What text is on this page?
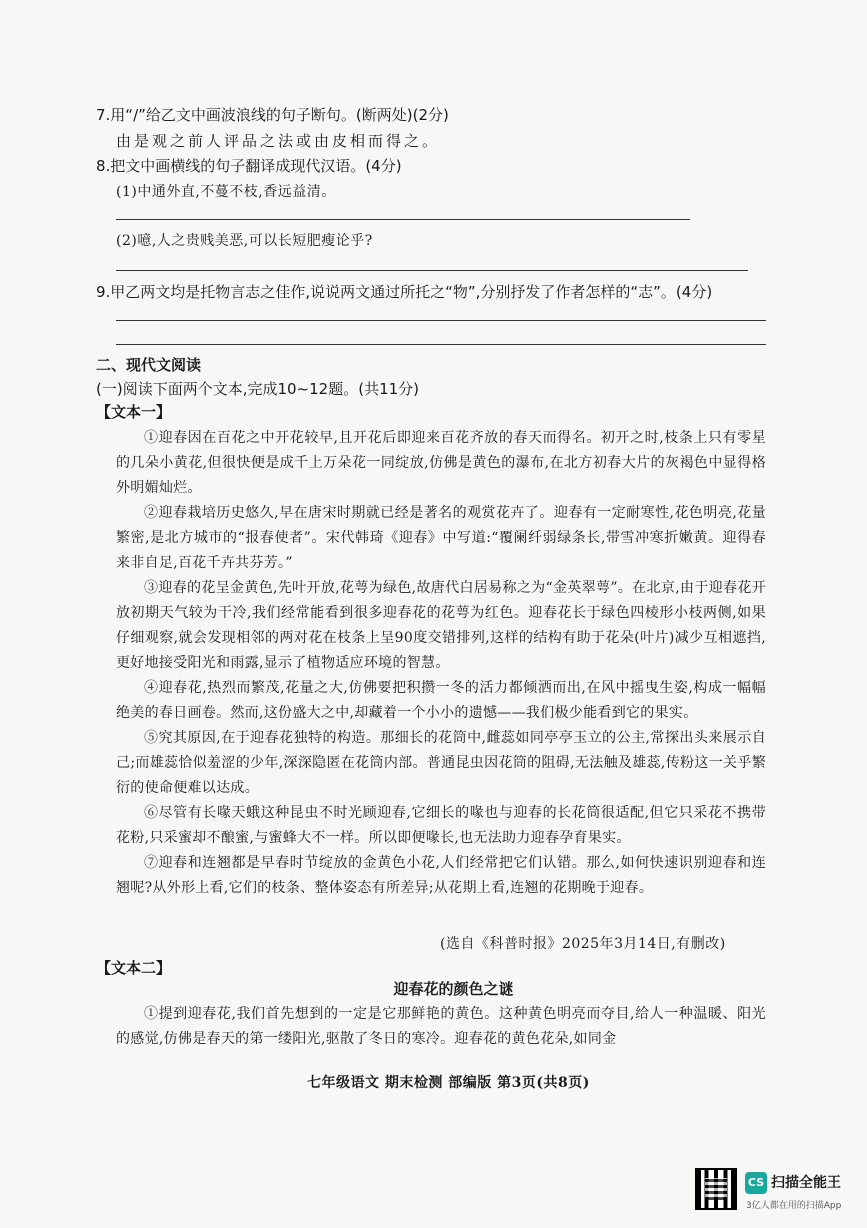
7.用“/”给乙文中画波浪线的句子断句。(断两处)(2分)
由是观之前人评品之法或由皮相而得之。
8.把文中画横线的句子翻译成现代汉语。(4分)
(1)中通外直,不蔓不枝,香远益清。
(2)噫,人之贵贱美恶,可以长短肥瘦论乎?
9.甲乙两文均是托物言志之佳作,说说两文通过所托之“物”,分别抒发了作者怎样的“志”。(4分)
二、现代文阅读
(一)阅读下面两个文本,完成10~12题。(共11分)
【文本一】

①迎春因在百花之中开花较早,且开花后即迎来百花齐放的春天而得名。初开之时,枝条上只有零星的几朵小黄花,但很快便是成千上万朵花一同绽放,仿佛是黄色的瀑布,在北方初春大片的灰褐色中显得格外明媚灿烂。

②迎春栽培历史悠久,早在唐宋时期就已经是著名的观赏花卉了。迎春有一定耐寒性,花色明亮,花量繁密,是北方城市的“报春使者”。宋代韩琦《迎春》中写道:“覆阑纤弱绿条长,带雪冲寒折嫩黄。迎得春来非自足,百花千卉共芬芳。”

③迎春的花呈金黄色,先叶开放,花萼为绿色,故唐代白居易称之为“金英翠萼”。在北京,由于迎春花开放初期天气较为干冷,我们经常能看到很多迎春花的花萼为红色。迎春花长于绿色四棱形小枝两侧,如果仔细观察,就会发现相邻的两对花在枝条上呈90度交错排列,这样的结构有助于花朵(叶片)减少互相遮挡,更好地接受阳光和雨露,显示了植物适应环境的智慧。

④迎春花,热烈而繁茂,花量之大,仿佛要把积攒一冬的活力都倾洒而出,在风中摇曳生姿,构成一幅幅绝美的春日画卷。然而,这份盛大之中,却藏着一个小小的遗憾——我们极少能看到它的果实。

⑤究其原因,在于迎春花独特的构造。那细长的花筒中,雌蕊如同亭亭玉立的公主,常探出头来展示自己;而雄蕊恰似羞涩的少年,深深隐匿在花筒内部。普通昆虫因花筒的阻碍,无法触及雄蕊,传粉这一关乎繁衍的使命便难以达成。

⑥尽管有长喙天蛾这种昆虫不时光顾迎春,它细长的喙也与迎春的长花筒很适配,但它只采花不携带花粉,只采蜜却不酿蜜,与蜜蜂大不一样。所以即便喙长,也无法助力迎春孕育果实。

⑦迎春和连翘都是早春时节绽放的金黄色小花,人们经常把它们认错。那么,如何快速识别迎春和连翘呢?从外形上看,它们的枝条、整体姿态有所差异;从花期上看,连翘的花期晚于迎春。

(选自《科普时报》2025年3月14日,有删改)
【文本二】
迎春花的颜色之谜

①提到迎春花,我们首先想到的一定是它那鲜艳的黄色。这种黄色明亮而夺目,给人一种温暖、阳光的感觉,仿佛是春天的第一缕阳光,驱散了冬日的寒冷。迎春花的黄色花朵,如同金

七年级语文 期末检测 部编版 第3页(共8页)
CS 扫描全能王
3亿人都在用的扫描App
